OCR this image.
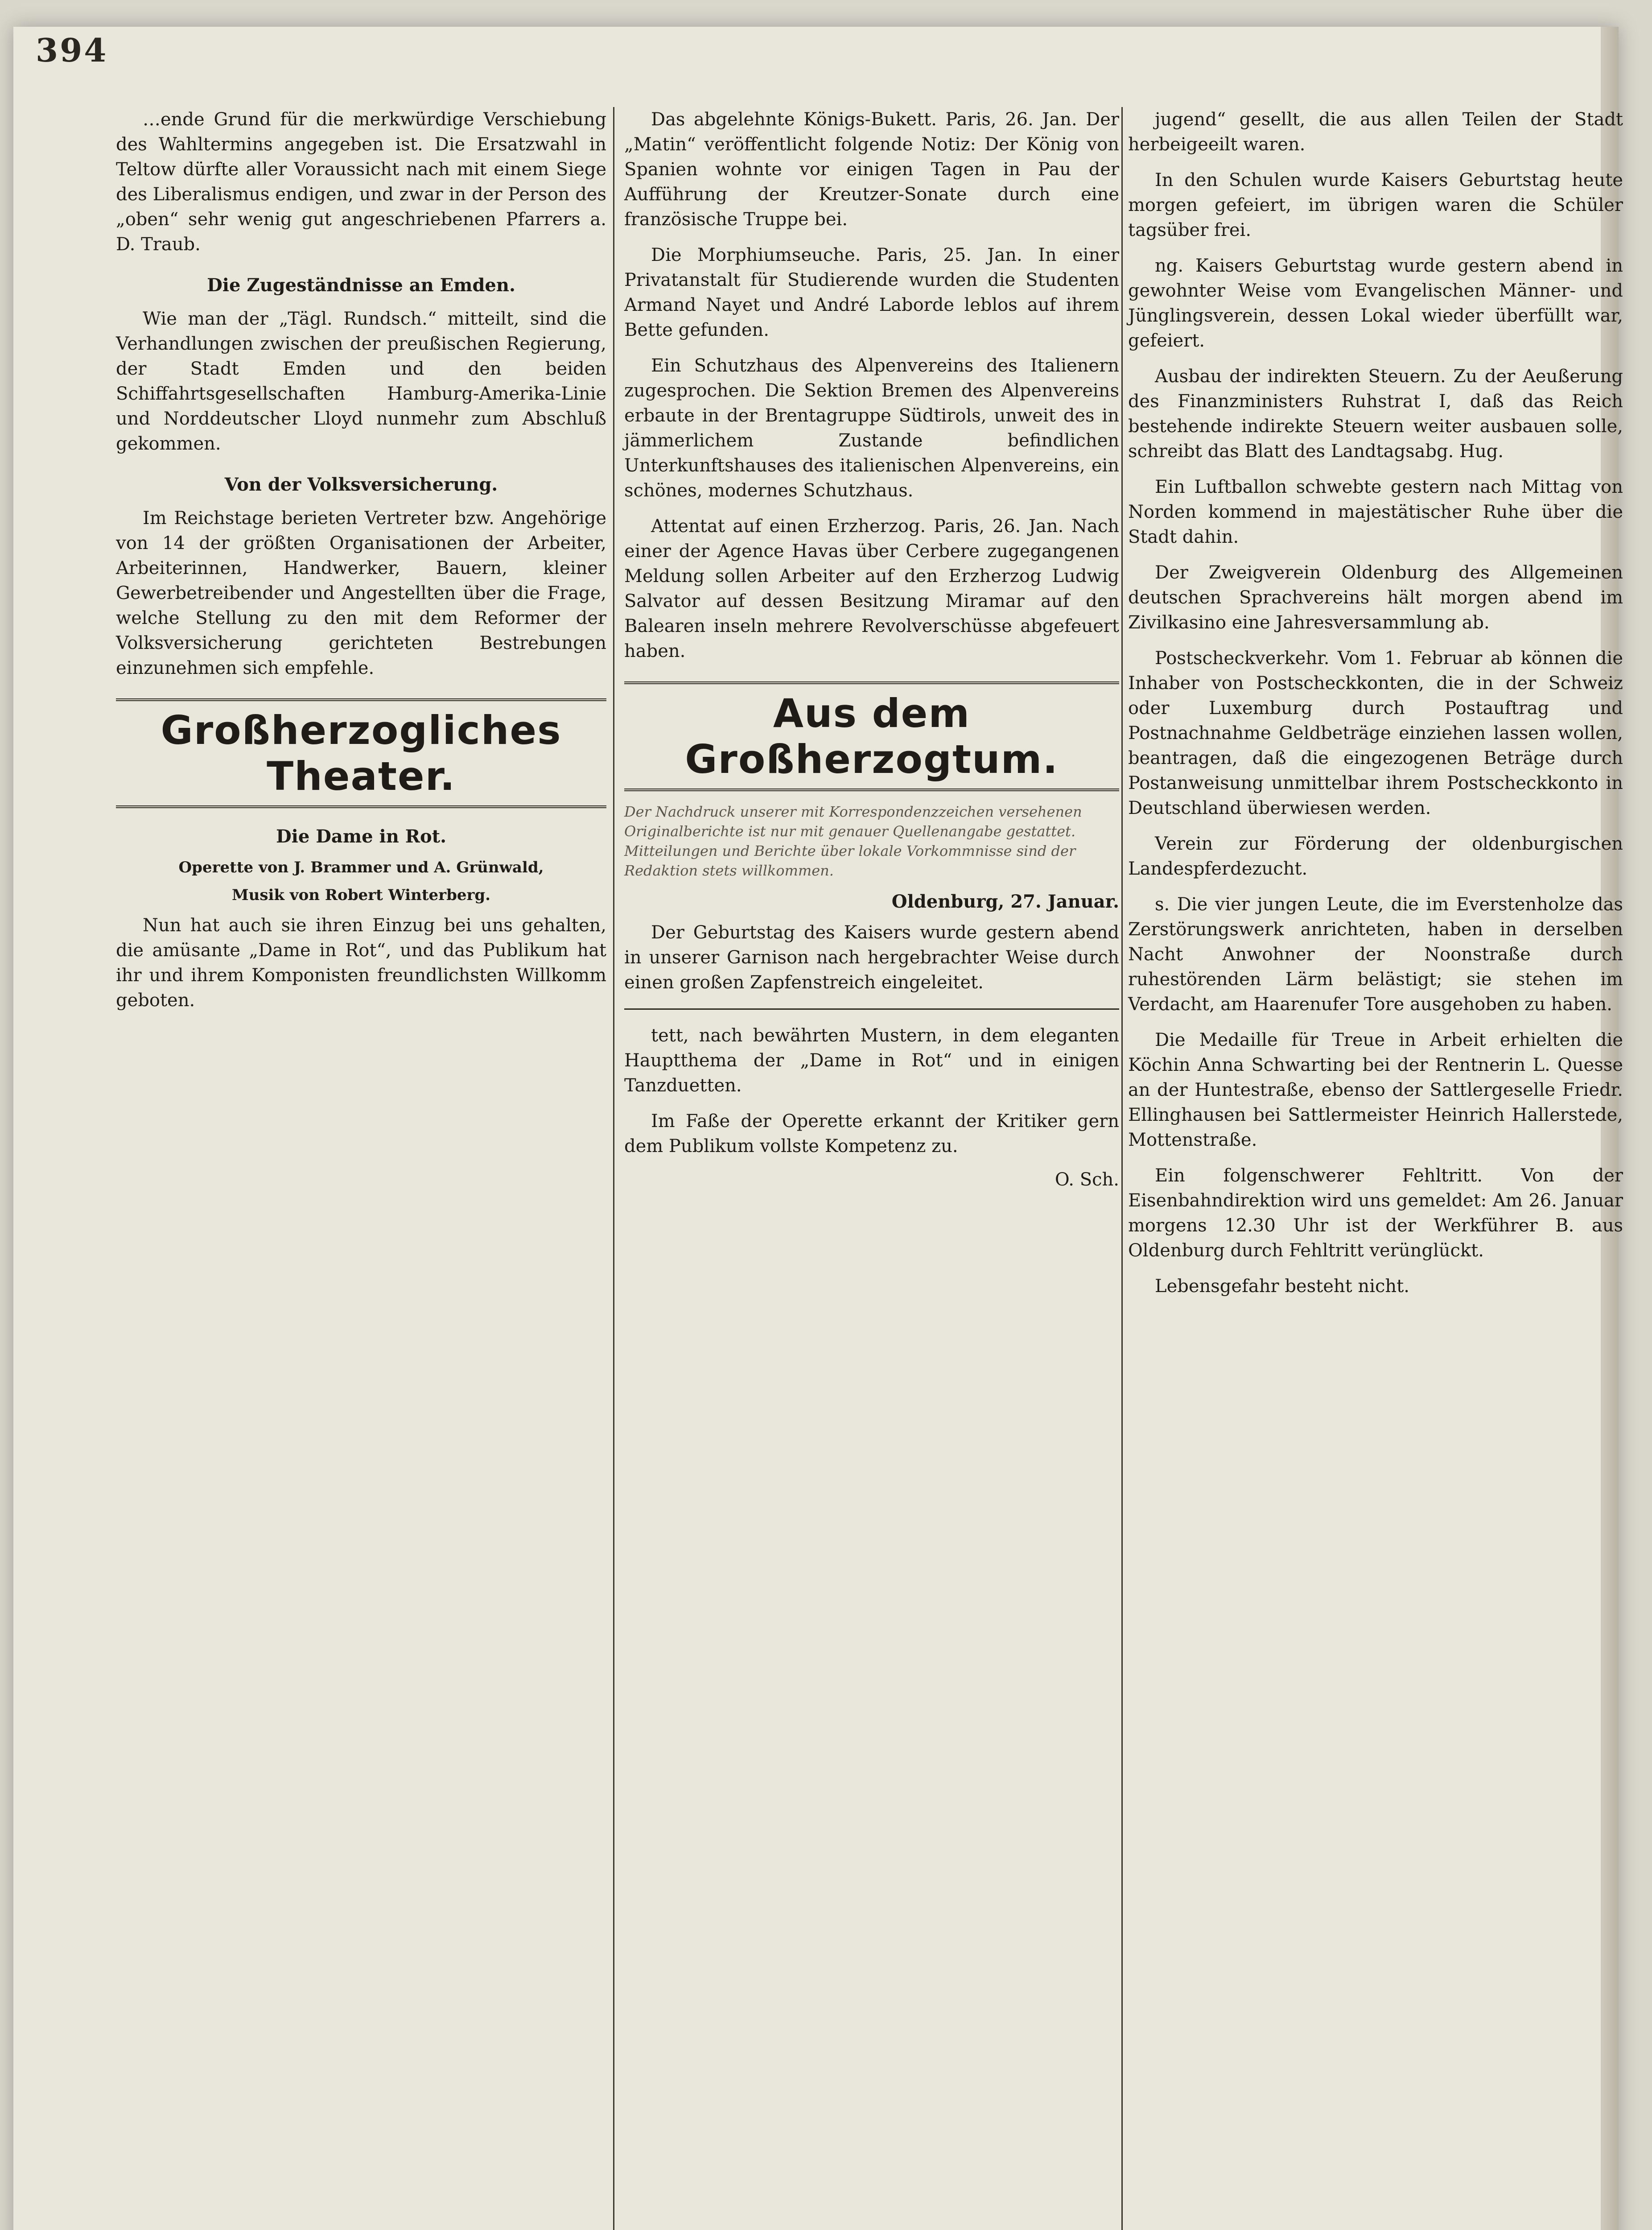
394

…ende Grund für die merkwürdige Verschiebung des Wahltermins angegeben ist. Die Ersatzwahl in Teltow dürfte aller Voraussicht nach mit einem Siege des Liberalismus endigen, und zwar in der Person des „oben“ sehr wenig gut angeschriebenen Pfarrers a. D. Traub.

Die Zugeständnisse an Emden.

Wie man der „Tägl. Rundsch.“ mitteilt, sind die Verhandlungen zwischen der preußischen Regierung, der Stadt Emden und den beiden Schiffahrtsgesellschaften Hamburg-Amerika-Linie und Norddeutscher Lloyd nunmehr zum Abschluß gekommen.

Von der Volksversicherung.

Im Reichstage berieten Vertreter bzw. Angehörige von 14 der größten Organisationen der Arbeiter, Arbeiterinnen, Handwerker, Bauern, kleiner Gewerbetreibender und Angestellten über die Frage, welche Stellung zu den mit dem Reformer der Volksversicherung gerichteten Bestrebungen einzunehmen sich empfehle.

Großherzogliches Theater.
Die Dame in Rot.
Operette von J. Brammer und A. Grünwald,
Musik von Robert Winterberg.

Nun hat auch sie ihren Einzug bei uns gehalten, die amüsante „Dame in Rot“, und das Publikum hat ihr und ihrem Komponisten freundlichsten Willkomm geboten.

Das abgelehnte Königs-Bukett. Paris, 26. Jan. Der „Matin“ veröffentlicht folgende Notiz: Der König von Spanien wohnte vor einigen Tagen in Pau der Aufführung der Kreutzer-Sonate durch eine französische Truppe bei.

Die Morphiumseuche. Paris, 25. Jan. In einer Privatanstalt für Studierende wurden die Studenten Armand Nayet und André Laborde leblos auf ihrem Bette gefunden.

Ein Schutzhaus des Alpenvereins des Italienern zugesprochen. Die Sektion Bremen des Alpenvereins erbaute in der Brentagruppe Südtirols, unweit des in jämmerlichem Zustande befindlichen Unterkunftshauses des italienischen Alpenvereins, ein schönes, modernes Schutzhaus.

Attentat auf einen Erzherzog. Paris, 26. Jan. Nach einer der Agence Havas über Cerbere zugegangenen Meldung sollen Arbeiter auf den Erzherzog Ludwig Salvator auf dessen Besitzung Miramar auf den Balearen inseln mehrere Revolverschüsse abgefeuert haben.

Aus dem Großherzogtum.

Der Nachdruck unserer mit Korrespondenzzeichen versehenen Originalberichte ist nur mit genauer Quellenangabe gestattet. Mitteilungen und Berichte über lokale Vorkommnisse sind der Redaktion stets willkommen.

Oldenburg, 27. Januar.

Der Geburtstag des Kaisers wurde gestern abend in unserer Garnison nach hergebrachter Weise durch einen großen Zapfenstreich eingeleitet.

tett, nach bewährten Mustern, in dem eleganten Hauptthema der „Dame in Rot“ und in einigen Tanzduetten.

Im Faße der Operette erkannt der Kritiker gern dem Publikum vollste Kompetenz zu.

O. Sch.

jugend“ gesellt, die aus allen Teilen der Stadt herbeigeeilt waren.

In den Schulen wurde Kaisers Geburtstag heute morgen gefeiert, im übrigen waren die Schüler tagsüber frei.

ng. Kaisers Geburtstag wurde gestern abend in gewohnter Weise vom Evangelischen Männer- und Jünglingsverein, dessen Lokal wieder überfüllt war, gefeiert.

Ausbau der indirekten Steuern. Zu der Aeußerung des Finanzministers Ruhstrat I, daß das Reich bestehende indirekte Steuern weiter ausbauen solle, schreibt das Blatt des Landtagsabg. Hug.

Ein Luftballon schwebte gestern nach Mittag von Norden kommend in majestätischer Ruhe über die Stadt dahin.

Der Zweigverein Oldenburg des Allgemeinen deutschen Sprachvereins hält morgen abend im Zivilkasino eine Jahresversammlung ab.

Postscheckverkehr. Vom 1. Februar ab können die Inhaber von Postscheckkonten, die in der Schweiz oder Luxemburg durch Postauftrag und Postnachnahme Geldbeträge einziehen lassen wollen, beantragen, daß die eingezogenen Beträge durch Postanweisung unmittelbar ihrem Postscheckkonto in Deutschland überwiesen werden.

Verein zur Förderung der oldenburgischen Landespferdezucht.

s. Die vier jungen Leute, die im Everstenholze das Zerstörungswerk anrichteten, haben in derselben Nacht Anwohner der Noonstraße durch ruhestörenden Lärm belästigt; sie stehen im Verdacht, am Haarenufer Tore ausgehoben zu haben.

Die Medaille für Treue in Arbeit erhielten die Köchin Anna Schwarting bei der Rentnerin L. Quesse an der Huntestraße, ebenso der Sattlergeselle Friedr. Ellinghausen bei Sattlermeister Heinrich Hallerstede, Mottenstraße.

Ein folgenschwerer Fehltritt. Von der Eisenbahndirektion wird uns gemeldet: Am 26. Januar morgens 12.30 Uhr ist der Werkführer B. aus Oldenburg durch Fehltritt verünglückt.

Lebensgefahr besteht nicht.
